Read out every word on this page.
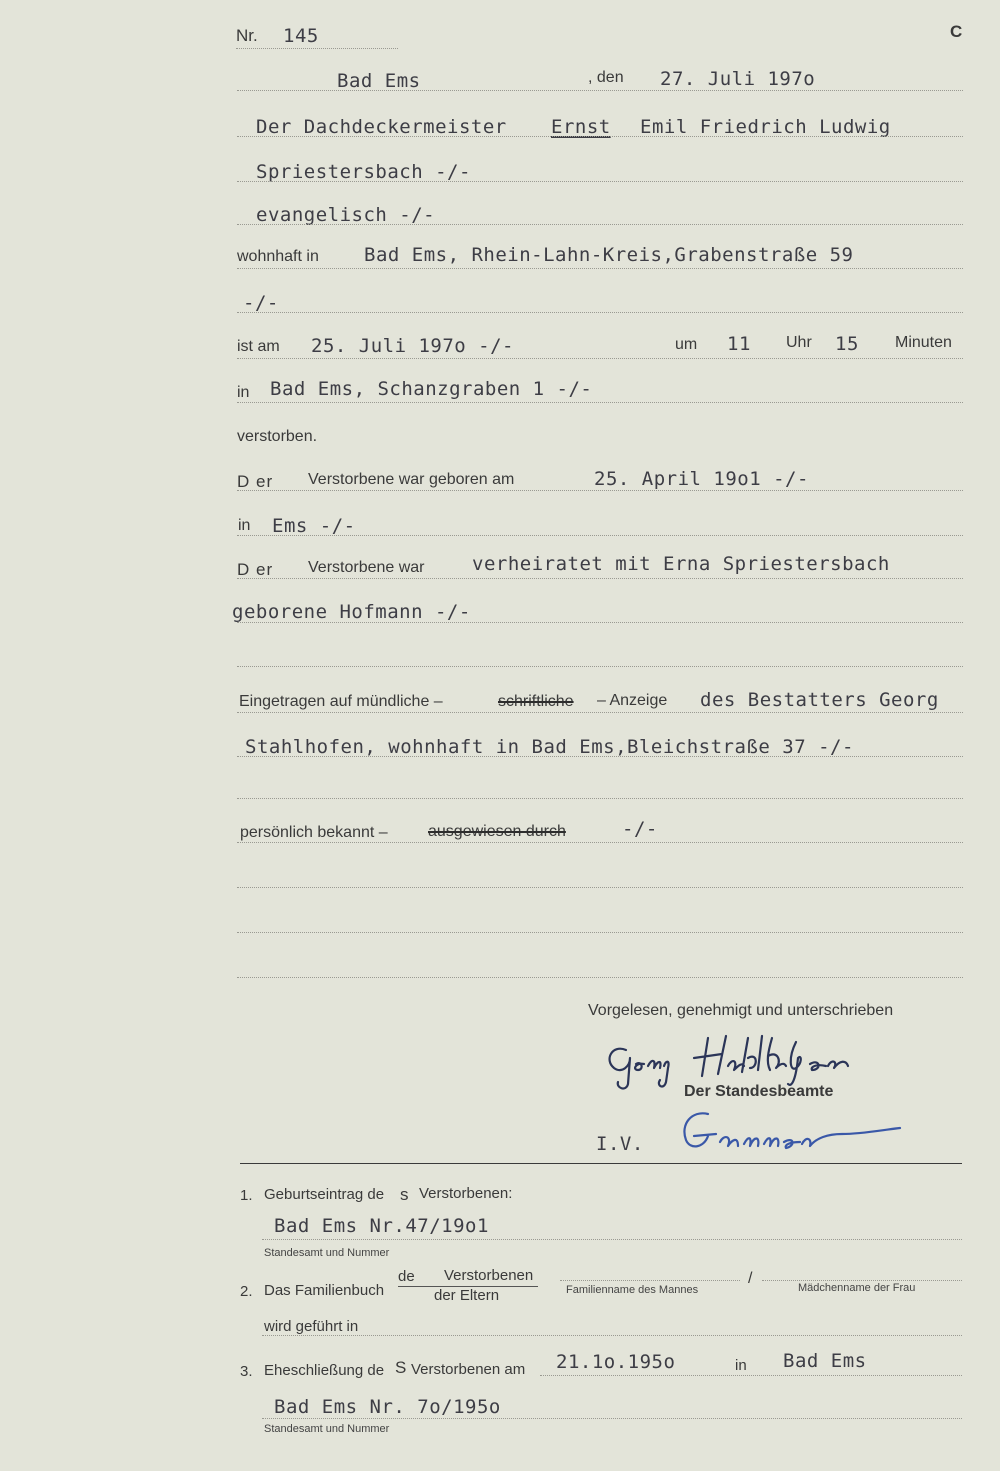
Nr. 145	C
Bad Ems	, den 27. Juli 197o
Der Dachdeckermeister Ernst Emil Friedrich Ludwig
Spriestersbach -/-
evangelisch -/-
wohnhaft in Bad Ems, Rhein-Lahn-Kreis,Grabenstraße 59
-/-
ist am 25. Juli 197o -/-	um 11 Uhr 15 Minuten
in Bad Ems, Schanzgraben 1 -/-
verstorben.
D er Verstorbene war geboren am	25. April 19o1 -/-
in Ems -/-
D er Verstorbene war verheiratet mit Erna Spriestersbach
geborene Hofmann -/-
Eingetragen auf mündliche –	schriftliche – Anzeige des Bestatters Georg
Stahlhofen, wohnhaft in Bad Ems,Bleichstraße 37 -/-
persönlich bekannt –	ausgewiesen durch	-/-
Vorgelesen, genehmigt und unterschrieben
Der Standesbeamte
I.V.
1. Geburtseintrag de s Verstorbenen:
Bad Ems Nr.47/19o1
Standesamt und Nummer
2. Das Familienbuch
de Verstorbenen
der Eltern	Familienname des Mannes
/
Mädchenname der Frau
wird geführt in
3. Eheschließung de S Verstorbenen am 21.1o.195o	in Bad Ems
Bad Ems Nr. 7o/195o
Standesamt und Nummer
